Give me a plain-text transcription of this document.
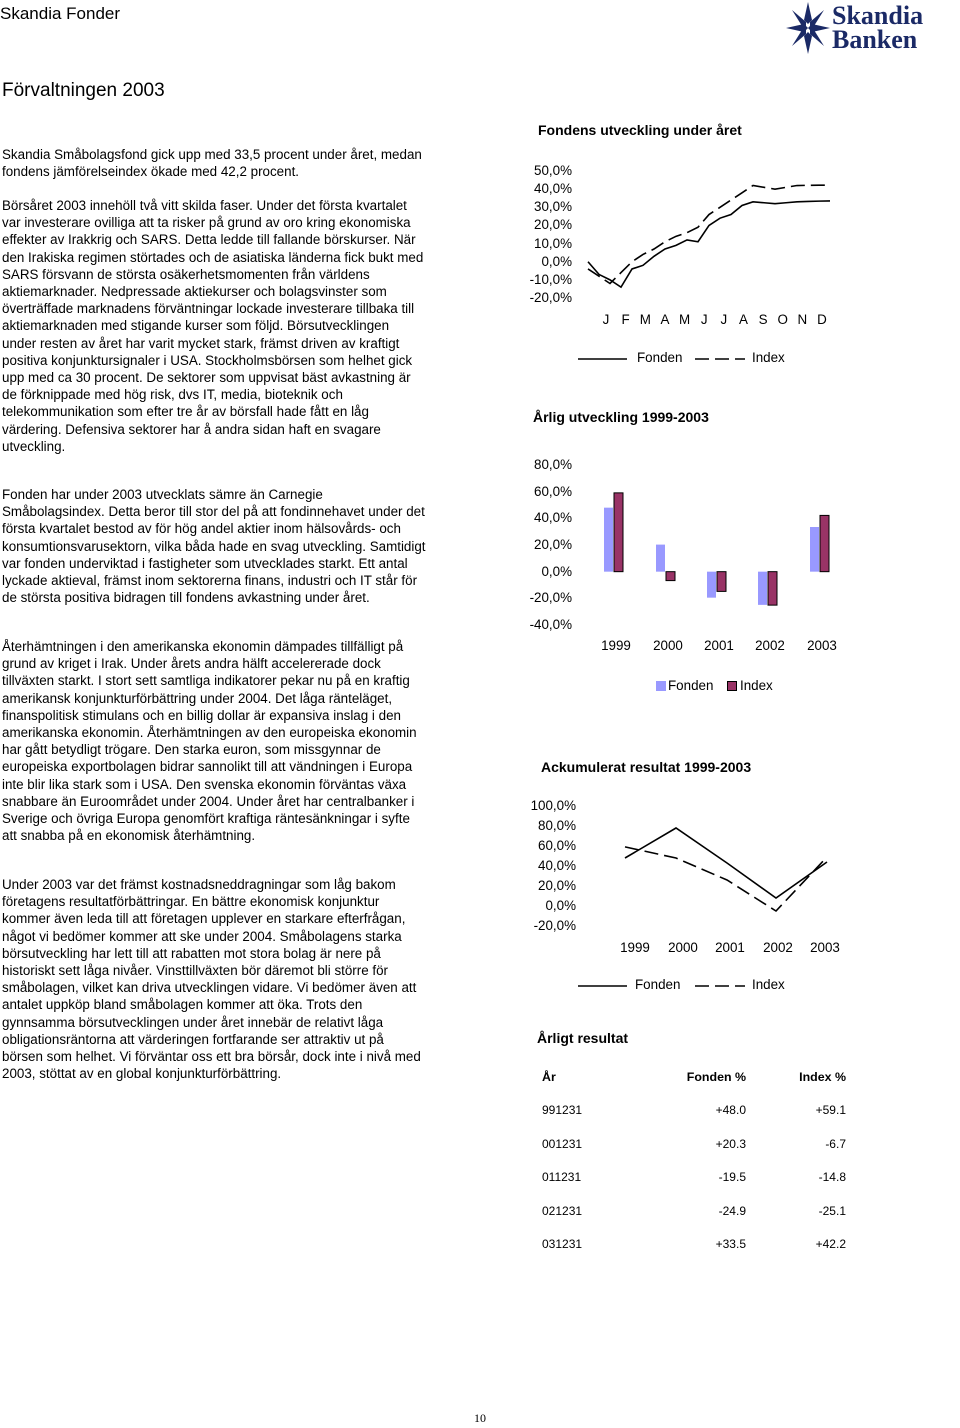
Skandia Fonder	Skandia
Banken
Förvaltningen 2003

Skandia Småbolagsfond gick upp med 33,5 procent under året, medan fondens jämförelseindex ökade med 42,2 procent.

Börsåret 2003 innehöll två vitt skilda faser. Under det första kvartalet var investerare ovilliga att ta risker på grund av oro kring ekonomiska effekter av Irakkrig och SARS. Detta ledde till fallande börskurser. När den Irakiska regimen störtades och de asiatiska länderna fick bukt med SARS försvann de största osäkerhetsmomenten från världens aktiemarknader. Nedpressade aktiekurser och bolagsvinster som överträffade marknadens förväntningar lockade investerare tillbaka till aktiemarknaden med stigande kurser som följd. Börsutvecklingen under resten av året har varit mycket stark, främst driven av kraftigt positiva konjunktursignaler i USA. Stockholmsbörsen som helhet gick upp med ca 30 procent. De sektorer som uppvisat bäst avkastning är de förknippade med hög risk, dvs IT, media, bioteknik och telekommunikation som efter tre år av börsfall hade fått en låg värdering. Defensiva sektorer har å andra sidan haft en svagare utveckling.

Fonden har under 2003 utvecklats sämre än Carnegie Småbolagsindex. Detta beror till stor del på att fondinnehavet under det första kvartalet bestod av för hög andel aktier inom hälsovårds- och konsumtionsvarusektorn, vilka båda hade en svag utveckling. Samtidigt var fonden underviktad i fastigheter som utvecklades starkt. Ett antal lyckade aktieval, främst inom sektorerna finans, industri och IT står för de största positiva bidragen till fondens avkastning under året.

Återhämtningen i den amerikanska ekonomin dämpades tillfälligt på grund av kriget i Irak. Under årets andra hälft accelererade dock tillväxten starkt. I stort sett samtliga indikatorer pekar nu på en kraftig amerikansk konjunkturförbättring under 2004. Det låga ränteläget, finanspolitisk stimulans och en billig dollar är expansiva inslag i den amerikanska ekonomin. Återhämtningen av den europeiska ekonomin har gått betydligt trögare. Den starka euron, som missgynnar de europeiska exportbolagen bidrar sannolikt till att vändningen i Europa inte blir lika stark som i USA. Den svenska ekonomin förväntas växa snabbare än Euroområdet under 2004. Under året har centralbanker i Sverige och övriga Europa genomfört kraftiga räntesänkningar i syfte att snabba på en ekonomisk återhämtning.

Under 2003 var det främst kostnadsneddragningar som låg bakom företagens resultatförbättringar. En bättre ekonomisk konjunktur kommer även leda till att företagen upplever en starkare efterfrågan, något vi bedömer kommer att ske under 2004. Småbolagens starka börsutveckling har lett till att rabatten mot stora bolag är nere på historiskt sett låga nivåer. Vinsttillväxten bör däremot bli större för småbolagen, vilket kan driva utvecklingen vidare. Vi bedömer även att antalet uppköp bland småbolagen kommer att öka. Trots den gynnsamma börsutvecklingen under året innebär de relativt låga obligationsräntorna att värderingen fortfarande ser attraktiv ut på börsen som helhet. Vi förväntar oss ett bra börsår, dock inte i nivå med 2003, stöttat av en global konjunkturförbättring.

Fondens utveckling under året
50,0%
40,0%
30,0%
20,0%
10,0%
0,0%
-10,0%
-20,0%
J F M A M J J A S O N D
Fonden	Index
Årlig utveckling 1999-2003
80,0%
60,0%
40,0%
20,0%
0,0%
-20,0%
-40,0%
1999	2000	2001	2002	2003
Fonden Index
Ackumulerat resultat 1999-2003
100,0%
80,0%
60,0%
40,0%
20,0%
0,0%
-20,0%
1999	2000	2001	2002	2003
Fonden	Index
Årligt resultat
År	Fonden %	Index %
991231	+48.0	+59.1
001231	+20.3	-6.7
011231	-19.5	-14.8
021231	-24.9	-25.1
031231	+33.5	+42.2
10
